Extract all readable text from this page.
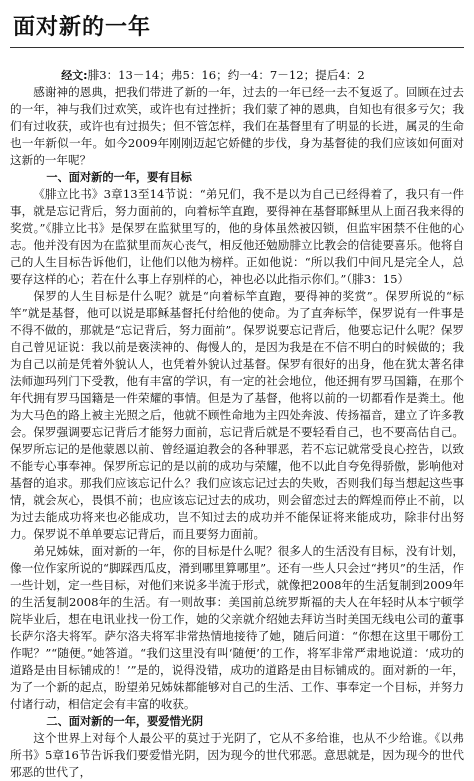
面对新的一年

经文:腓3：13－14；弗5：16；约一4：7－12；提后4：2

感谢神的恩典，把我们带进了新的一年，过去的一年已经一去不复返了。回顾在过去的一年，神与我们过欢笑，或许也有过挫折；我们蒙了神的恩典，自知也有很多亏欠；我们有过收获，或许也有过损失；但不管怎样，我们在基督里有了明显的长进，属灵的生命也一年新似一年。如今2009年刚刚迈起它娇健的步伐，身为基督徒的我们应该如何面对这新的一年呢？

一、面对新的一年，要有目标

《腓立比书》3章13至14节说：“弟兄们，我不是以为自己已经得着了，我只有一件事，就是忘记背后，努力面前的，向着标竿直跑，要得神在基督耶稣里从上面召我来得的奖赏。”《腓立比书》是保罗在监狱里写的，他的身体虽然被囚锁，但监牢困禁不住他的心志。他并没有因为在监狱里而灰心丧气，相反他还勉励腓立比教会的信徒要喜乐。他将自己的人生目标告诉他们，让他们以他为榜样。正如他说：“所以我们中间凡是完全人，总要存这样的心；若在什么事上存别样的心，神也必以此指示你们。”（腓3：15）

保罗的人生目标是什么呢？就是“向着标竿直跑，要得神的奖赏”。保罗所说的“标竿”就是基督，他可以说是耶稣基督托付给他的使命。为了直奔标竿，保罗说有一件事是不得不做的，那就是“忘记背后，努力面前”。保罗说要忘记背后，他要忘记什么呢？保罗自己曾见证说：我以前是亵渎神的、侮慢人的，是因为我是在不信不明白的时候做的；我为自己以前是凭着外貌认人，也凭着外貌认过基督。保罗有很好的出身，他在犹太著名律法师迦玛列门下受教，他有丰富的学识，有一定的社会地位，他还拥有罗马国籍，在那个年代拥有罗马国籍是一件荣耀的事情。但是为了基督，他将以前的一切都看作是粪土。他为大马色的路上被主光照之后，他就不顾性命地为主四处奔波、传扬福音，建立了许多教会。保罗强调要忘记背后才能努力面前，忘记背后就是不要轻看自己，也不要高估自己。保罗所忘记的是他蒙恩以前、曾经逼迫教会的各种罪恶，若不忘记就常受良心控告，以致不能专心事奉神。保罗所忘记的是以前的成功与荣耀，他不以此自夸免得骄傲，影响他对基督的追求。那我们应该忘记什么？我们应该忘记过去的失败，否则我们每当想起这些事情，就会灰心，畏惧不前；也应该忘记过去的成功，则会留恋过去的辉煌而停止不前，以为过去能成功将来也必能成功，岂不知过去的成功并不能保证将来能成功，除非付出努力。保罗说不单单要忘记背后，而且要努力面前。

弟兄姊妹，面对新的一年，你的目标是什么呢？很多人的生活没有目标，没有计划，像一位作家所说的“脚踩西瓜皮，滑到哪里算哪里”。还有一些人只会过“拷贝”的生活，作一些计划，定一些目标，对他们来说多半流于形式，就像把2008年的生活复制到2009年的生活复制2008年的生活。有一则故事：美国前总统罗斯福的夫人在年轻时从本宁顿学院毕业后，想在电讯业找一份工作，她的父亲就介绍她去拜访当时美国无线电公司的董事长萨尔洛夫将军。萨尔洛夫将军非常热情地接待了她，随后问道：“你想在这里干哪份工作呢？”“随便。”她答道。“我们这里没有叫‘随便’的工作，将军非常严肃地说道：‘成功的道路是由目标铺成的！’”是的，说得没错，成功的道路是由目标铺成的。面对新的一年，为了一个新的起点，盼望弟兄姊妹都能够对自己的生活、工作、事奉定一个目标，并努力付诸行动，相信定会有丰富的收获。

二、面对新的一年，要爱惜光阴

这个世界上对每个人最公平的莫过于光阴了，它从不多给谁，也从不少给谁。《以弗所书》5章16节告诉我们要爱惜光阴，因为现今的世代邪恶。意思就是，因为现今的世代邪恶的世代了，
